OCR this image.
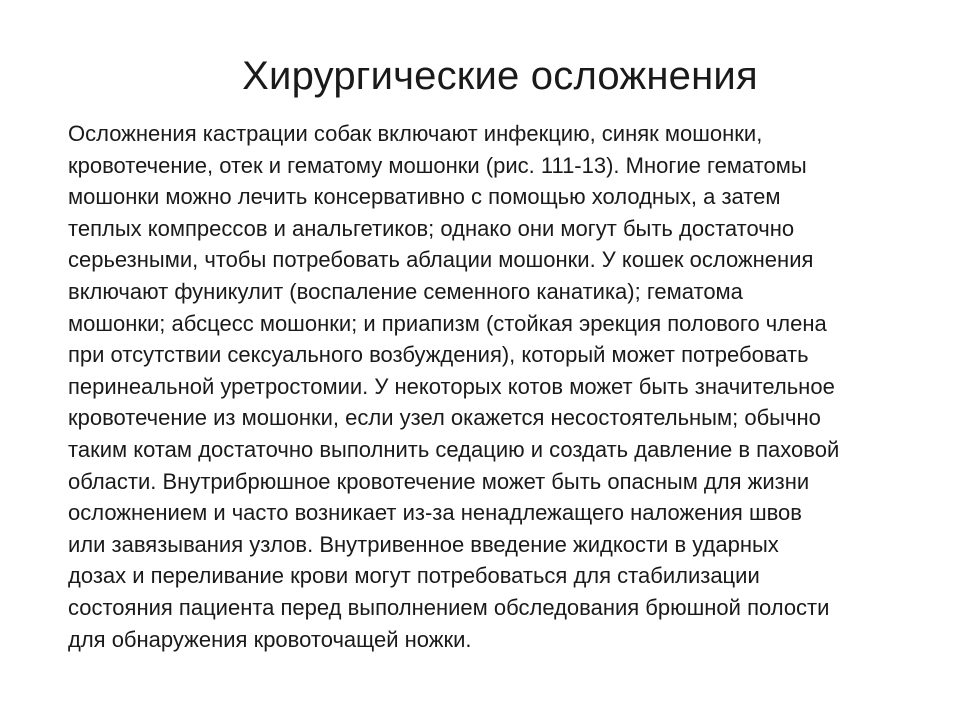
Хирургические осложнения
Осложнения кастрации собак включают инфекцию, синяк мошонки,
кровотечение, отек и гематому мошонки (рис. 111-13). Многие гематомы
мошонки можно лечить консервативно с помощью холодных, а затем
теплых компрессов и анальгетиков; однако они могут быть достаточно
серьезными, чтобы потребовать аблации мошонки. У кошек осложнения
включают фуникулит (воспаление семенного канатика); гематома
мошонки; абсцесс мошонки; и приапизм (стойкая эрекция полового члена
при отсутствии сексуального возбуждения), который может потребовать
перинеальной уретростомии. У некоторых котов может быть значительное
кровотечение из мошонки, если узел окажется несостоятельным; обычно
таким котам достаточно выполнить седацию и создать давление в паховой
области. Внутрибрюшное кровотечение может быть опасным для жизни
осложнением и часто возникает из-за ненадлежащего наложения швов
или завязывания узлов. Внутривенное введение жидкости в ударных
дозах и переливание крови могут потребоваться для стабилизации
состояния пациента перед выполнением обследования брюшной полости
для обнаружения кровоточащей ножки.
